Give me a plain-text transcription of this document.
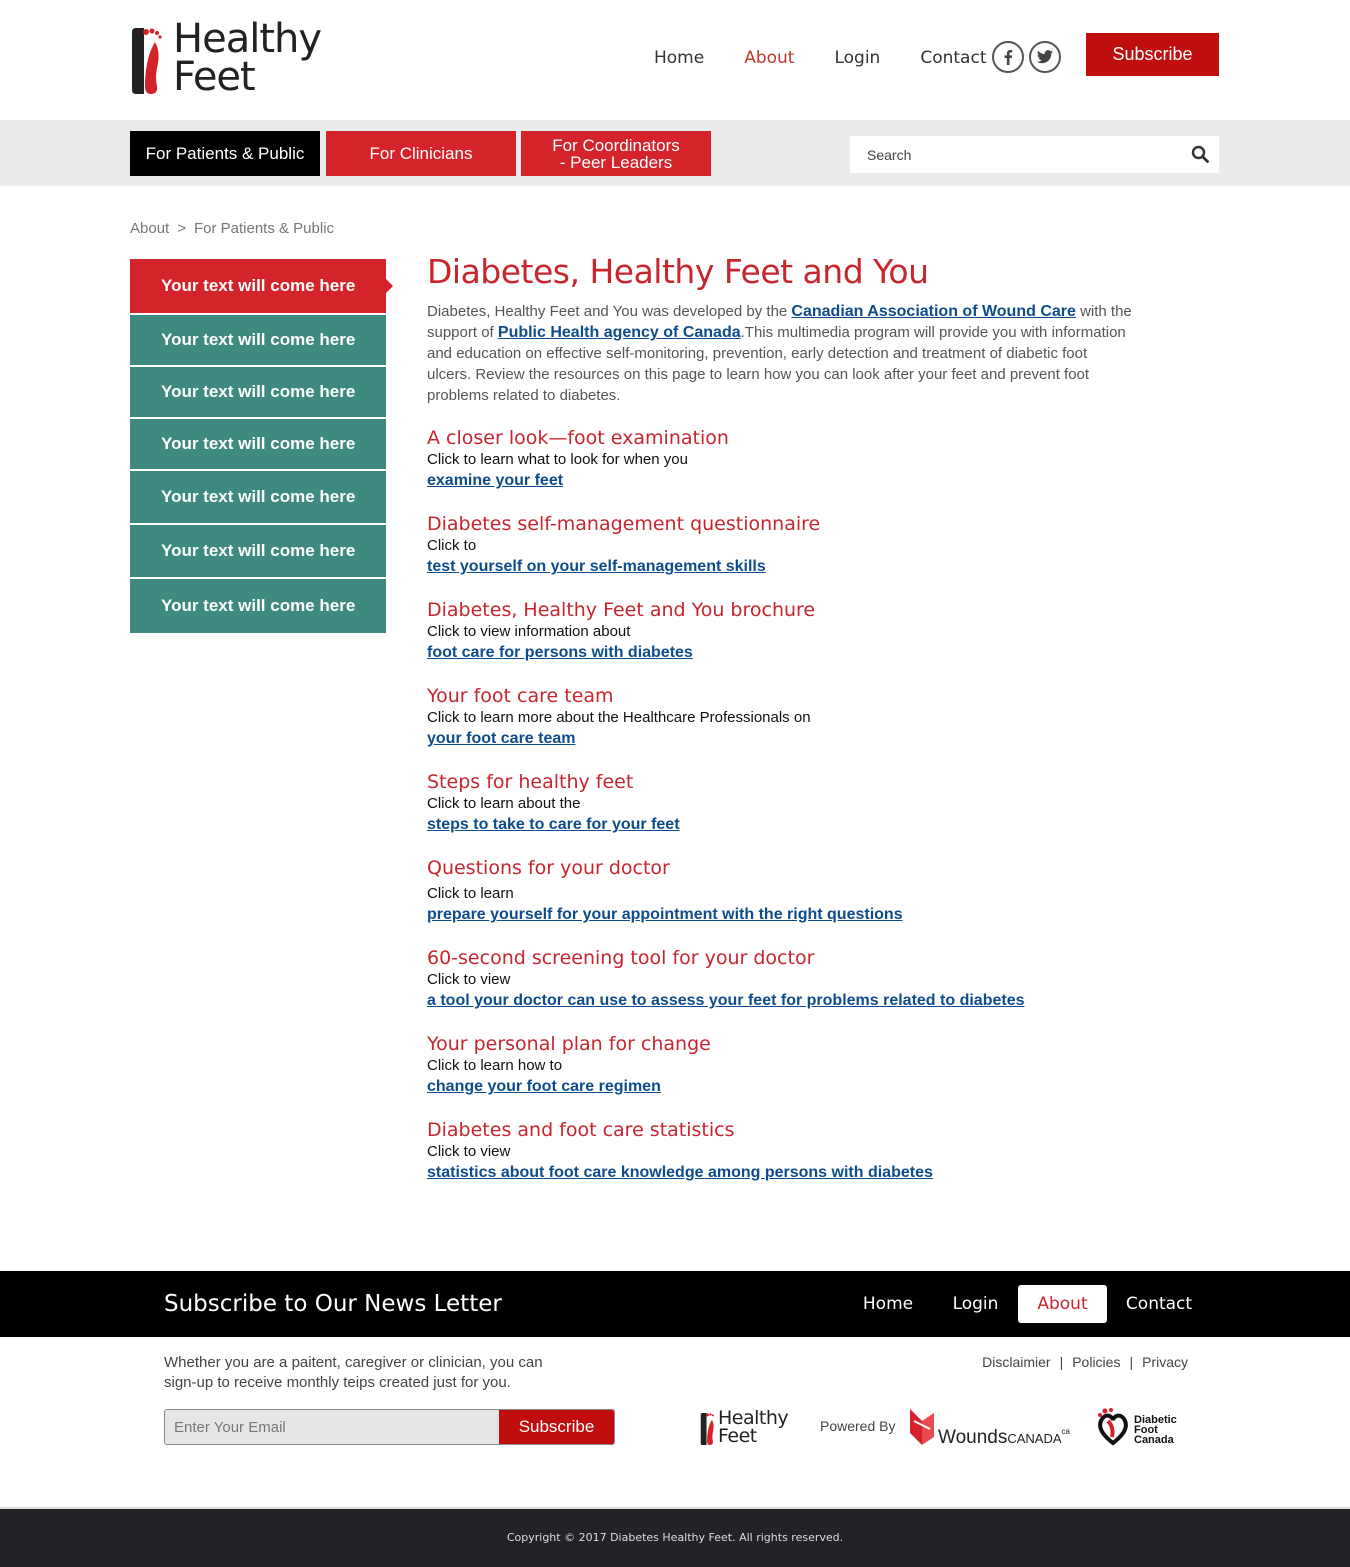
Healthy
Feet	Home About Login Contact	Subscribe
For Patients & Public	For Clinicians	For Coordinators
- Peer Leaders
Search
About > For Patients & Public
Your text will come here
Your text will come here
Your text will come here
Your text will come here
Your text will come here
Your text will come here
Your text will come here
Diabetes, Healthy Feet and You

Diabetes, Healthy Feet and You was developed by the Canadian Association of Wound Care with the support of Public Health agency of Canada.This multimedia program will provide you with information and education on effective self-monitoring, prevention, early detection and treatment of diabetic foot ulcers. Review the resources on this page to learn how you can look after your feet and prevent foot problems related to diabetes.

A closer look—foot examination
Click to learn what to look for when you
examine your feet
Diabetes self-management questionnaire
Click to
test yourself on your self-management skills
Diabetes, Healthy Feet and You brochure
Click to view information about
foot care for persons with diabetes
Your foot care team
Click to learn more about the Healthcare Professionals on
your foot care team
Steps for healthy feet
Click to learn about the
steps to take to care for your feet
Questions for your doctor
Click to learn
prepare yourself for your appointment with the right questions
60-second screening tool for your doctor
Click to view
a tool your doctor can use to assess your feet for problems related to diabetes
Your personal plan for change
Click to learn how to
change your foot care regimen
Diabetes and foot care statistics
Click to view
statistics about foot care knowledge among persons with diabetes
Subscribe to Our News Letter	Home	Login	About	Contact
Whether you are a paitent, caregiver or clinician, you can sign-up to receive monthly teips created just for you.
Enter Your Email
Subscribe
Disclaimier | Policies | Privacy
Healthy
Feet	Powered By
WoundsCANADA$^{ca}$
Diabetic
Foot
Canada
Copyright © 2017 Diabetes Healthy Feet. All rights reserved.
